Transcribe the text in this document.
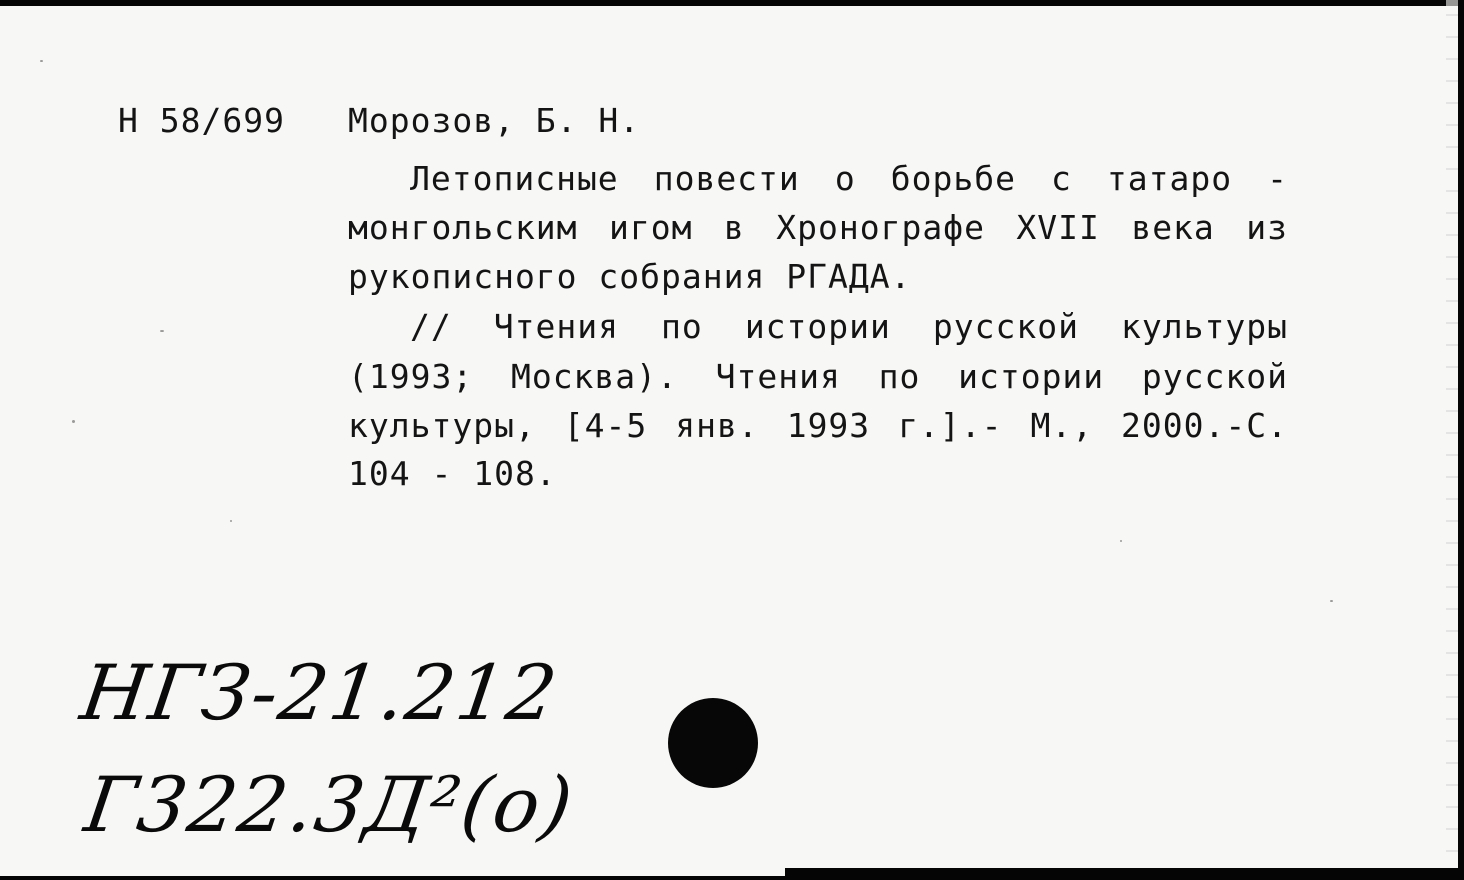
Н 58/699 Морозов, Б. Н.
Летописные повести о борьбе с татаро -
монгольским игом в Хронографе XVII века из
рукописного собрания РГАДА.
// Чтения по истории русской культуры
(1993; Москва). Чтения по истории русской
культуры, [4-5 янв. 1993 г.].- М., 2000.-С.
104 - 108.
НГЗ-21.212
Г322.3Д²(о)
